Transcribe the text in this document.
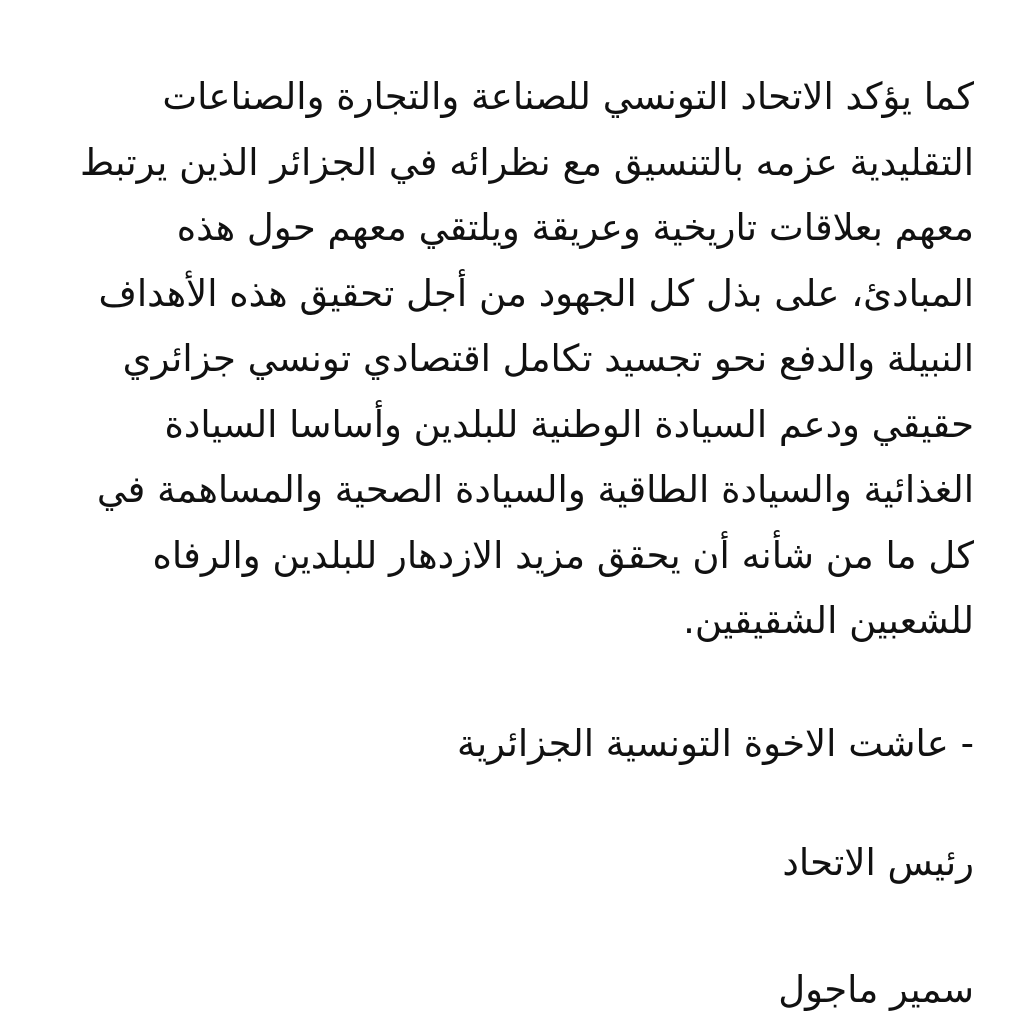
كما يؤكد الاتحاد التونسي للصناعة والتجارة والصناعات
التقليدية عزمه بالتنسيق مع نظرائه في الجزائر الذين يرتبط
معهم بعلاقات تاريخية وعريقة ويلتقي معهم حول هذه
المبادئ، على بذل كل الجهود من أجل تحقيق هذه الأهداف
النبيلة والدفع نحو تجسيد تكامل اقتصادي تونسي جزائري
حقيقي ودعم السيادة الوطنية للبلدين وأساسا السيادة
الغذائية والسيادة الطاقية والسيادة الصحية والمساهمة في
كل ما من شأنه أن يحقق مزيد الازدهار للبلدين والرفاه
للشعبين الشقيقين.

- عاشت الاخوة التونسية الجزائرية

رئيس الاتحاد

سمير ماجول
